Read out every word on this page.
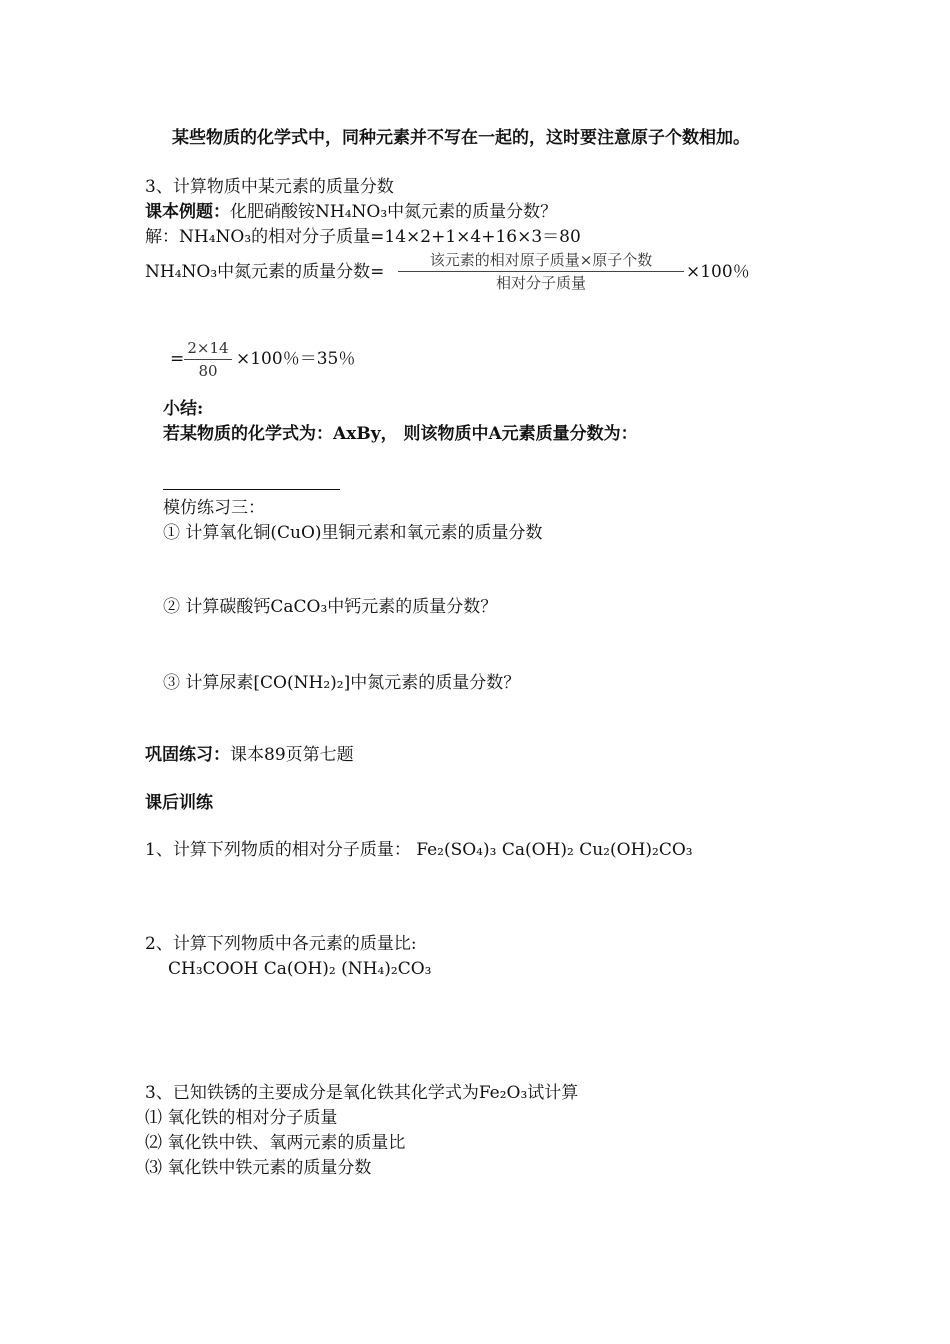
某些物质的化学式中，同种元素并不写在一起的，这时要注意原子个数相加。
3、计算物质中某元素的质量分数
课本例题：化肥硝酸铵NH₄NO₃中氮元素的质量分数？
解：NH₄NO₃的相对分子质量=14×2+1×4+16×3＝80
NH₄NO₃中氮元素的质量分数=
该元素的相对原子质量×原子个数
相对分子质量
×100％
=
2×14
80
×100％＝35％
小结:
若某物质的化学式为：AxBy， 则该物质中A元素质量分数为：
模仿练习三：
① 计算氧化铜(CuO)里铜元素和氧元素的质量分数
② 计算碳酸钙CaCO₃中钙元素的质量分数？
③ 计算尿素[CO(NH₂)₂]中氮元素的质量分数？
巩固练习：课本89页第七题
课后训练
1、计算下列物质的相对分子质量： Fe₂(SO₄)₃ Ca(OH)₂ Cu₂(OH)₂CO₃
2、计算下列物质中各元素的质量比:
CH₃COOH Ca(OH)₂ (NH₄)₂CO₃
3、已知铁锈的主要成分是氧化铁其化学式为Fe₂O₃试计算
⑴ 氧化铁的相对分子质量
⑵ 氧化铁中铁、氧两元素的质量比
⑶ 氧化铁中铁元素的质量分数
